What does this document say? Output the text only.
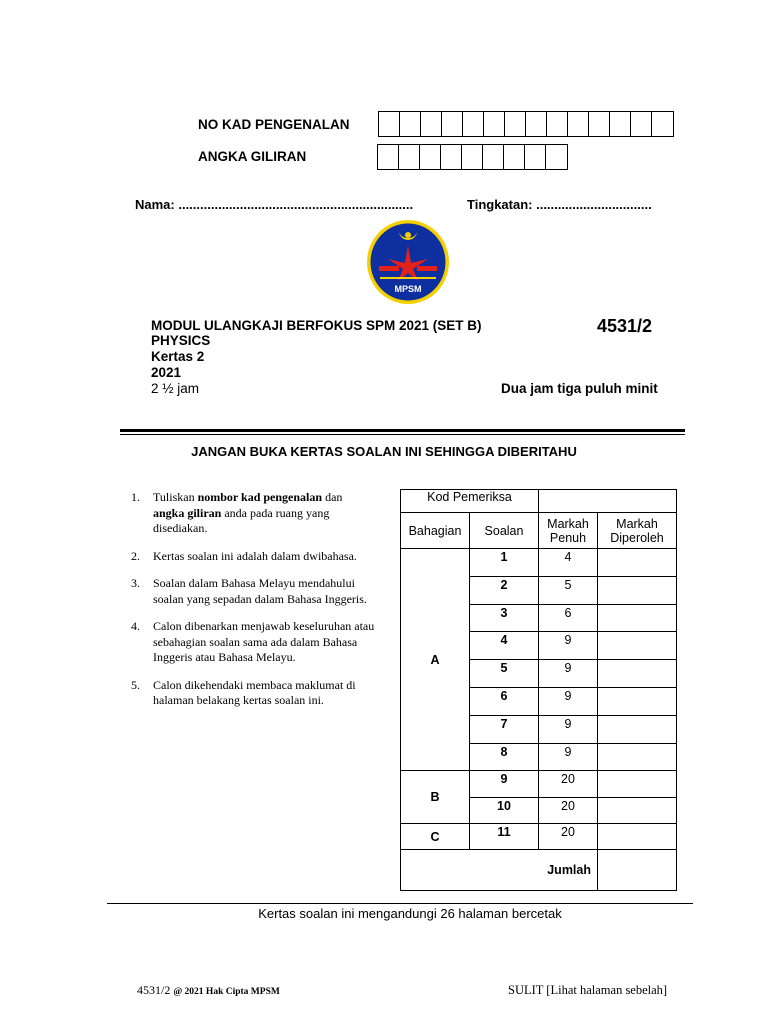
NO KAD PENGENALAN
ANGKA GILIRAN
Nama: .................................................................	Tingkatan: ................................
MPSM
MODUL ULANGKAJI BERFOKUS SPM 2021 (SET B)	4531/2
PHYSICS
Kertas 2
2021
2 ½ jam	Dua jam tiga puluh minit
JANGAN BUKA KERTAS SOALAN INI SEHINGGA DIBERITAHU
1. Tuliskan nombor kad pengenalan dan angka giliran anda pada ruang yang disediakan.
2. Kertas soalan ini adalah dalam dwibahasa.
3. Soalan dalam Bahasa Melayu mendahului soalan yang sepadan dalam Bahasa Inggeris.
4. Calon dibenarkan menjawab keseluruhan atau sebahagian soalan sama ada dalam Bahasa Inggeris atau Bahasa Melayu.
5. Calon dikehendaki membaca maklumat di halaman belakang kertas soalan ini.
Kod Pemeriksa			
Bahagian	Soalan	Markah Penuh	Markah Diperoleh
A	1	4	
	2	5	
	3	6	
	4	9	
	5	9	
	6	9	
	7	9	
	8	9	
B	9	20	
	10	20	
C	11	20	
Jumlah			
Kertas soalan ini mengandungi 26 halaman bercetak
4531/2 @ 2021 Hak Cipta MPSM	SULIT [Lihat halaman sebelah]
